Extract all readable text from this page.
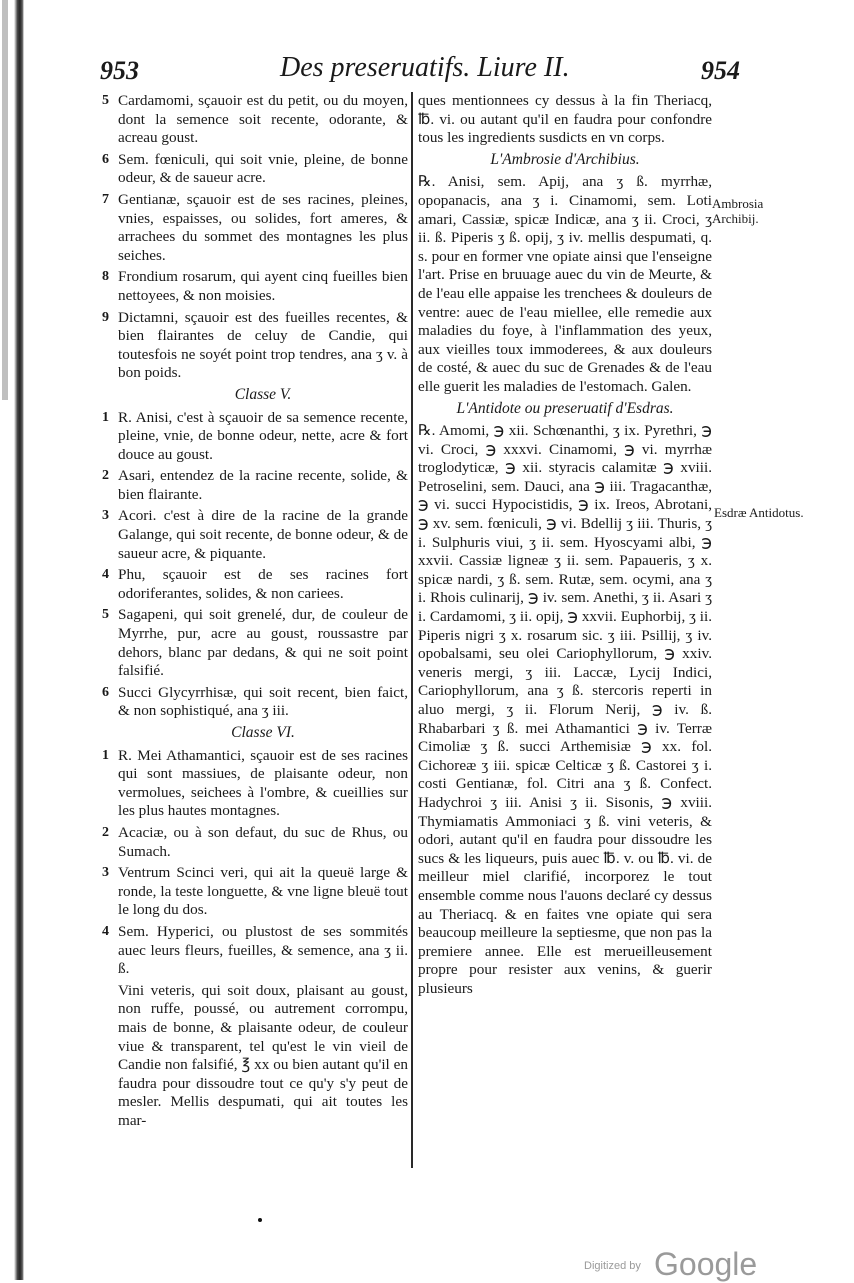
953	Des preseruatifs. Liure II.	954
5 Cardamomi, sçauoir est du petit, ou du moyen, dont la semence soit recente, odorante, & acreau goust.
6 Sem. fœniculi, qui soit vnie, pleine, de bonne odeur, & de saueur acre.
7 Gentianæ, sçauoir est de ses racines, pleines, vnies, espaisses, ou solides, fort ameres, & arrachees du sommet des montagnes les plus seiches.
8 Frondium rosarum, qui ayent cinq fueilles bien nettoyees, & non moisies.
9 Dictamni, sçauoir est des fueilles recentes, & bien flairantes de celuy de Candie, qui toutesfois ne soyét point trop tendres, ana ʒ v. à bon poids.
Classe V.
1 R. Anisi, c'est à sçauoir de sa semence recente, pleine, vnie, de bonne odeur, nette, acre & fort douce au goust.
2 Asari, entendez de la racine recente, solide, & bien flairante.
3 Acori. c'est à dire de la racine de la grande Galange, qui soit recente, de bonne odeur, & de saueur acre, & piquante.
4 Phu, sçauoir est de ses racines fort odoriferantes, solides, & non cariees.
5 Sagapeni, qui soit grenelé, dur, de couleur de Myrrhe, pur, acre au goust, roussastre par dehors, blanc par dedans, & qui ne soit point falsifié.
6 Succi Glycyrrhisæ, qui soit recent, bien faict, & non sophistiqué, ana ʒ iii.
Classe VI.
1 R. Mei Athamantici, sçauoir est de ses racines qui sont massiues, de plaisante odeur, non vermolues, seichees à l'ombre, & cueillies sur les plus hautes montagnes.
2 Acaciæ, ou à son defaut, du suc de Rhus, ou Sumach.
3 Ventrum Scinci veri, qui ait la queuë large & ronde, la teste longuette, & vne ligne bleuë tout le long du dos.
4 Sem. Hyperici, ou plustost de ses sommités auec leurs fleurs, fueilles, & semence, ana ʒ ii. ß.
Vini veteris, qui soit doux, plaisant au goust, non ruffe, poussé, ou autrement corrompu, mais de bonne, & plaisante odeur, de couleur viue & transparent, tel qu'est le vin vieil de Candie non falsifié, ℥ xx ou bien autant qu'il en faudra pour dissoudre tout ce qu'y s'y peut de mesler. Mellis despumati, qui ait toutes les mar-
ques mentionnees cy dessus à la fin Theriacq, ℔. vi. ou autant qu'il en faudra pour confondre tous les ingredients susdicts en vn corps.
L'Ambrosie d'Archibius.
℞. Anisi, sem. Apij, ana ʒ ß. myrrhæ, opopanacis, ana ʒ i. Cinamomi, sem. Loti amari, Cassiæ, spicæ Indicæ, ana ʒ ii. Croci, ʒ ii. ß. Piperis ʒ ß. opij, ʒ iv. mellis despumati, q. s. pour en former vne opiate ainsi que l'enseigne l'art. Prise en bruuage auec du vin de Meurte, & de l'eau elle appaise les trenchees & douleurs de ventre: auec de l'eau miellee, elle remedie aux maladies du foye, à l'inflammation des yeux, aux vieilles toux immoderees, & aux douleurs de costé, & auec du suc de Grenades & de l'eau elle guerit les maladies de l'estomach. Galen.
L'Antidote ou preseruatif d'Esdras.
℞. Amomi, ℈ xii. Schœnanthi, ʒ ix. Pyrethri, ℈ vi. Croci, ℈ xxxvi. Cinamomi, ℈ vi. myrrhæ troglodyticæ, ℈ xii. styracis calamitæ ℈ xviii. Petroselini, sem. Dauci, ana ℈ iii. Tragacanthæ, ℈ vi. succi Hypocistidis, ℈ ix. Ireos, Abrotani, ℈ xv. sem. fœniculi, ℈ vi. Bdellij ʒ iii. Thuris, ʒ i. Sulphuris viui, ʒ ii. sem. Hyoscyami albi, ℈ xxvii. Cassiæ ligneæ ʒ ii. sem. Papaueris, ʒ x. spicæ nardi, ʒ ß. sem. Rutæ, sem. ocymi, ana ʒ i. Rhois culinarij, ℈ iv. sem. Anethi, ʒ ii. Asari ʒ i. Cardamomi, ʒ ii. opij, ℈ xxvii. Euphorbij, ʒ ii. Piperis nigri ʒ x. rosarum sic. ʒ iii. Psillij, ʒ iv. opobalsami, seu olei Cariophyllorum, ℈ xxiv. veneris mergi, ʒ iii. Laccæ, Lycij Indici, Cariophyllorum, ana ʒ ß. stercoris reperti in aluo mergi, ʒ ii. Florum Nerij, ℈ iv. ß. Rhabarbari ʒ ß. mei Athamantici ℈ iv. Terræ Cimoliæ ʒ ß. succi Arthemisiæ ℈ xx. fol. Cichoreæ ʒ iii. spicæ Celticæ ʒ ß. Castorei ʒ i. costi Gentianæ, fol. Citri ana ʒ ß. Confect. Hadychroi ʒ iii. Anisi ʒ ii. Sisonis, ℈ xviii. Thymiamatis Ammoniaci ʒ ß. vini veteris, & odori, autant qu'il en faudra pour dissoudre les sucs & les liqueurs, puis auec ℔. v. ou ℔. vi. de meilleur miel clarifié, incorporez le tout ensemble comme nous l'auons declaré cy dessus au Theriacq. & en faites vne opiate qui sera beaucoup meilleure la septiesme, que non pas la premiere annee. Elle est merueilleusement propre pour resister aux venins, & guerir plusieurs
Ambrosia Archibij.
Esdræ Antidotus.
Digitized by Google
